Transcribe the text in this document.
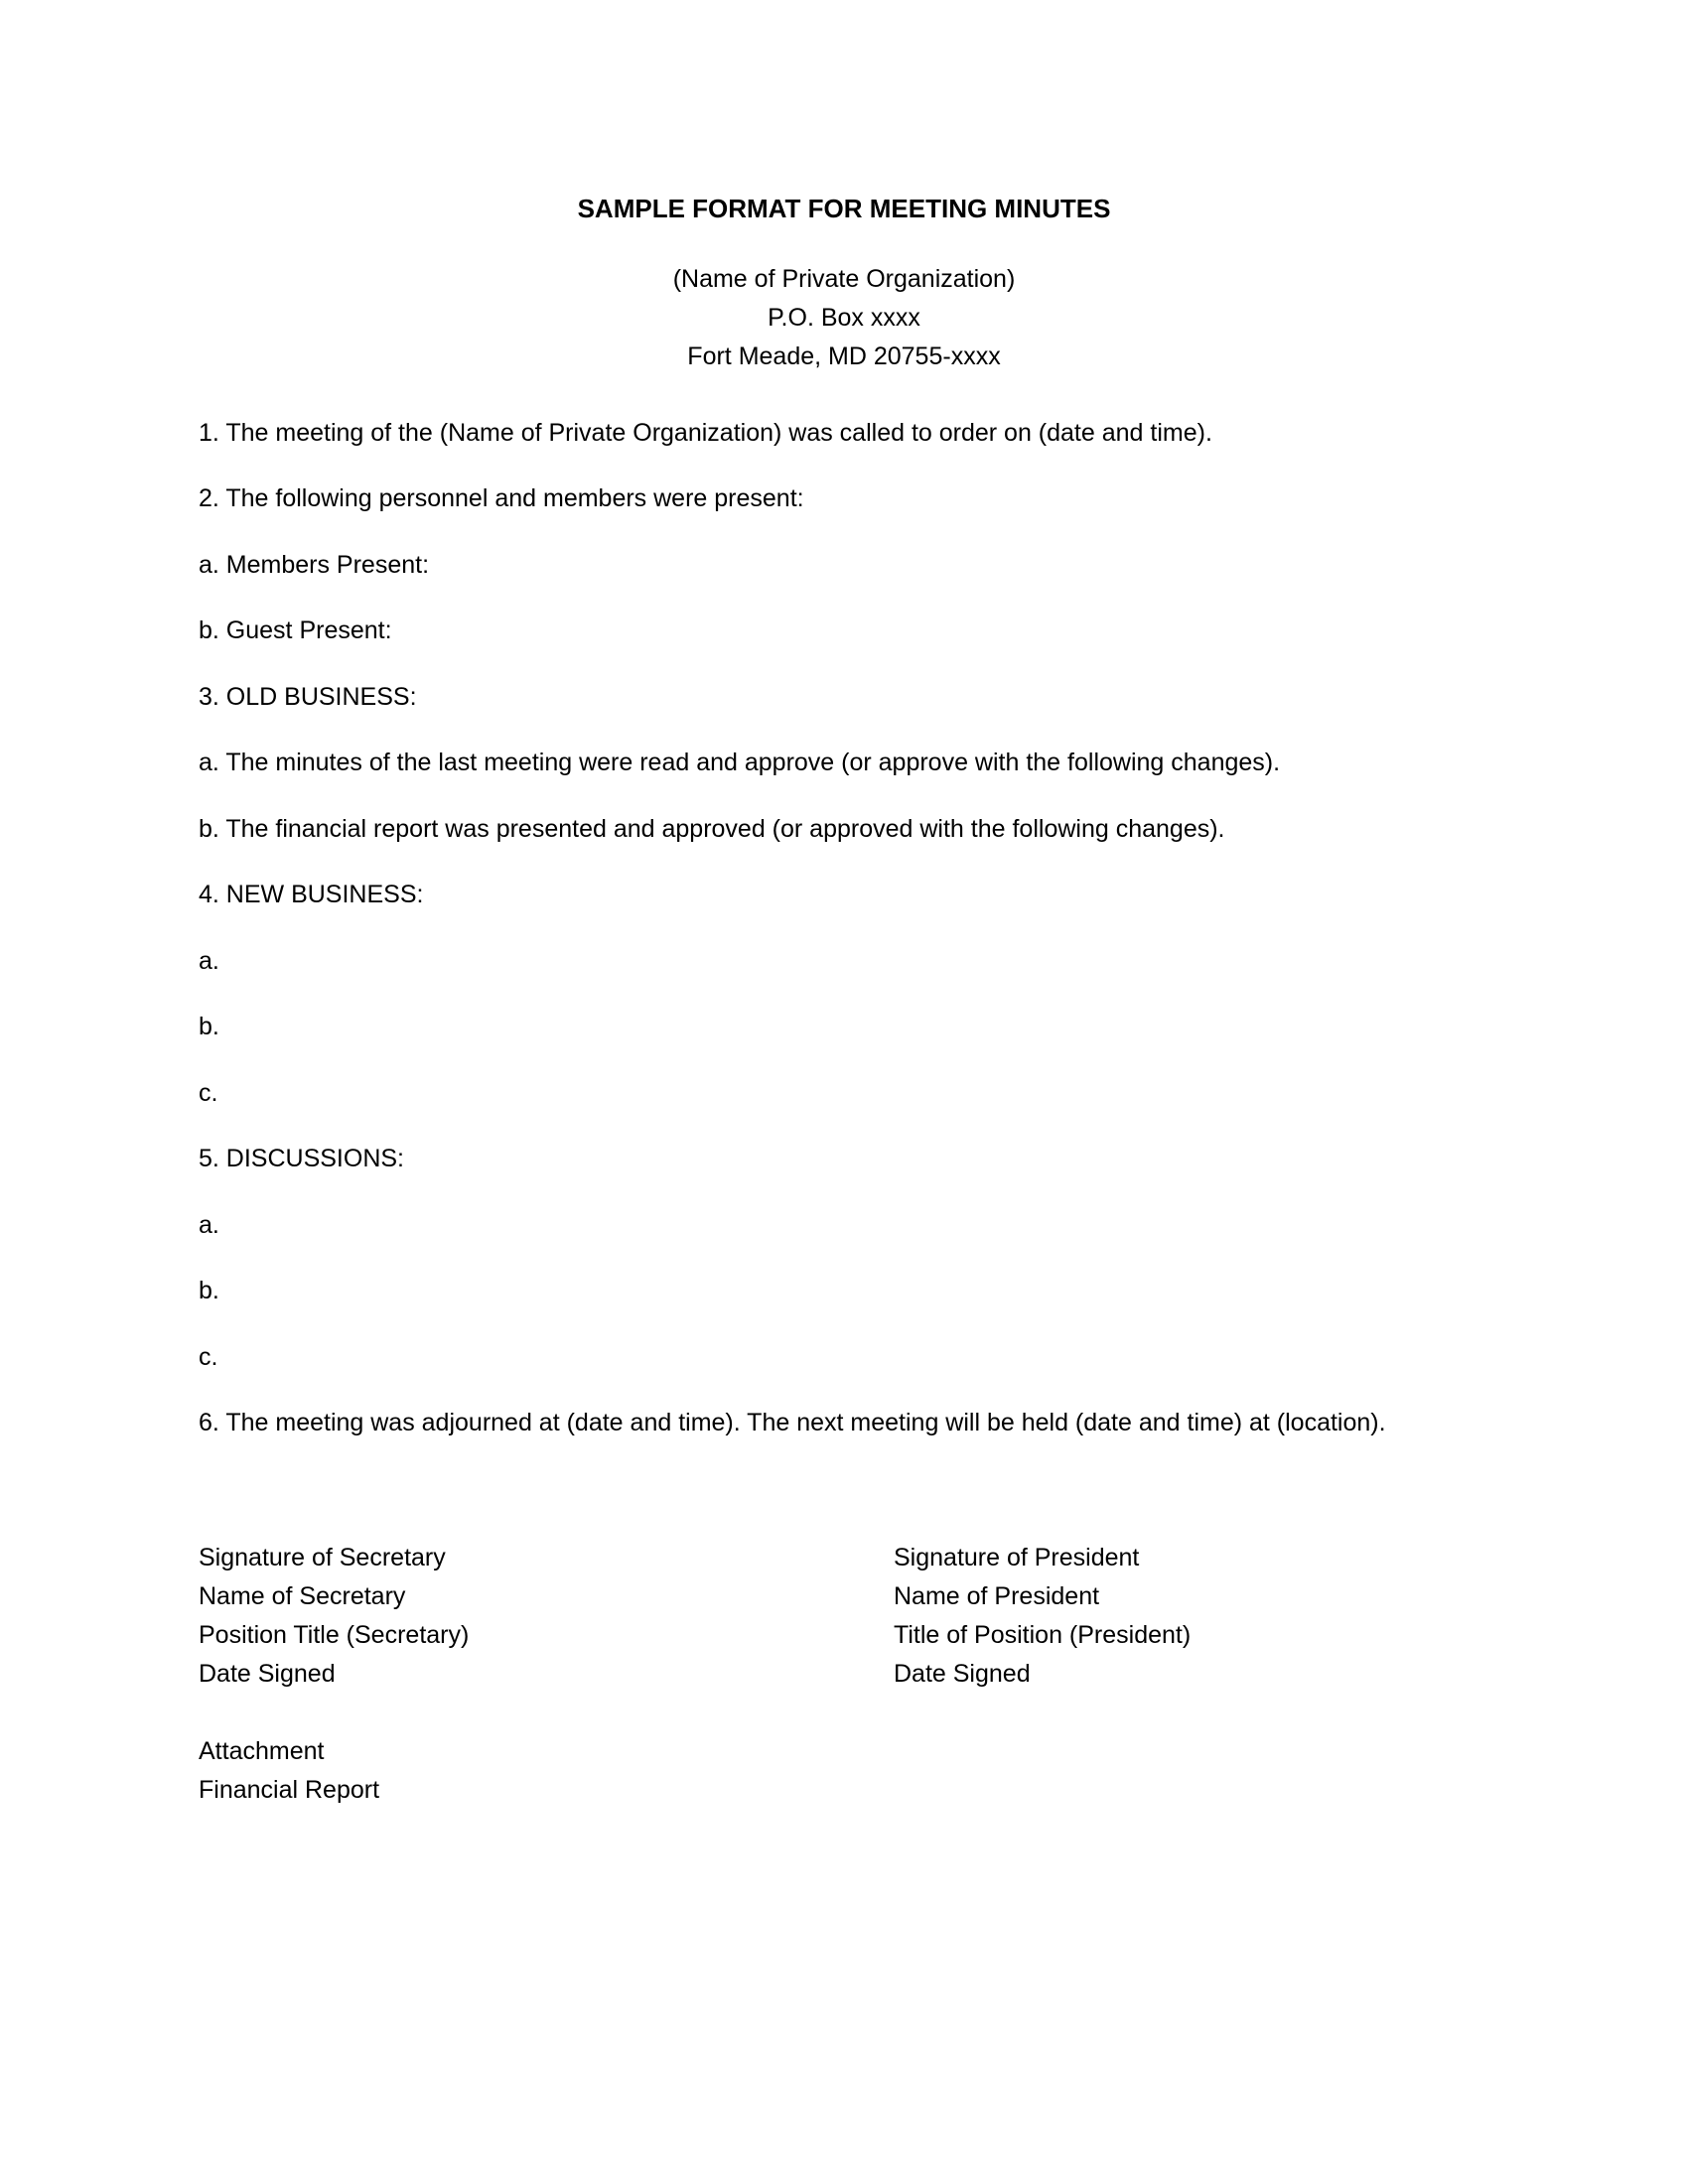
SAMPLE FORMAT FOR MEETING MINUTES
(Name of Private Organization)
P.O. Box xxxx
Fort Meade, MD 20755-xxxx
1. The meeting of the (Name of Private Organization) was called to order on (date and time).
2. The following personnel and members were present:
a. Members Present:
b. Guest Present:
3. OLD BUSINESS:
a. The minutes of the last meeting were read and approve (or approve with the following changes).
b. The financial report was presented and approved (or approved with the following changes).
4. NEW BUSINESS:
a.
b.
c.
5. DISCUSSIONS:
a.
b.
c.
6. The meeting was adjourned at (date and time). The next meeting will be held (date and time) at (location).
Signature of Secretary
Name of Secretary
Position Title (Secretary)
Date Signed
Signature of President
Name of President
Title of Position (President)
Date Signed
Attachment
Financial Report
